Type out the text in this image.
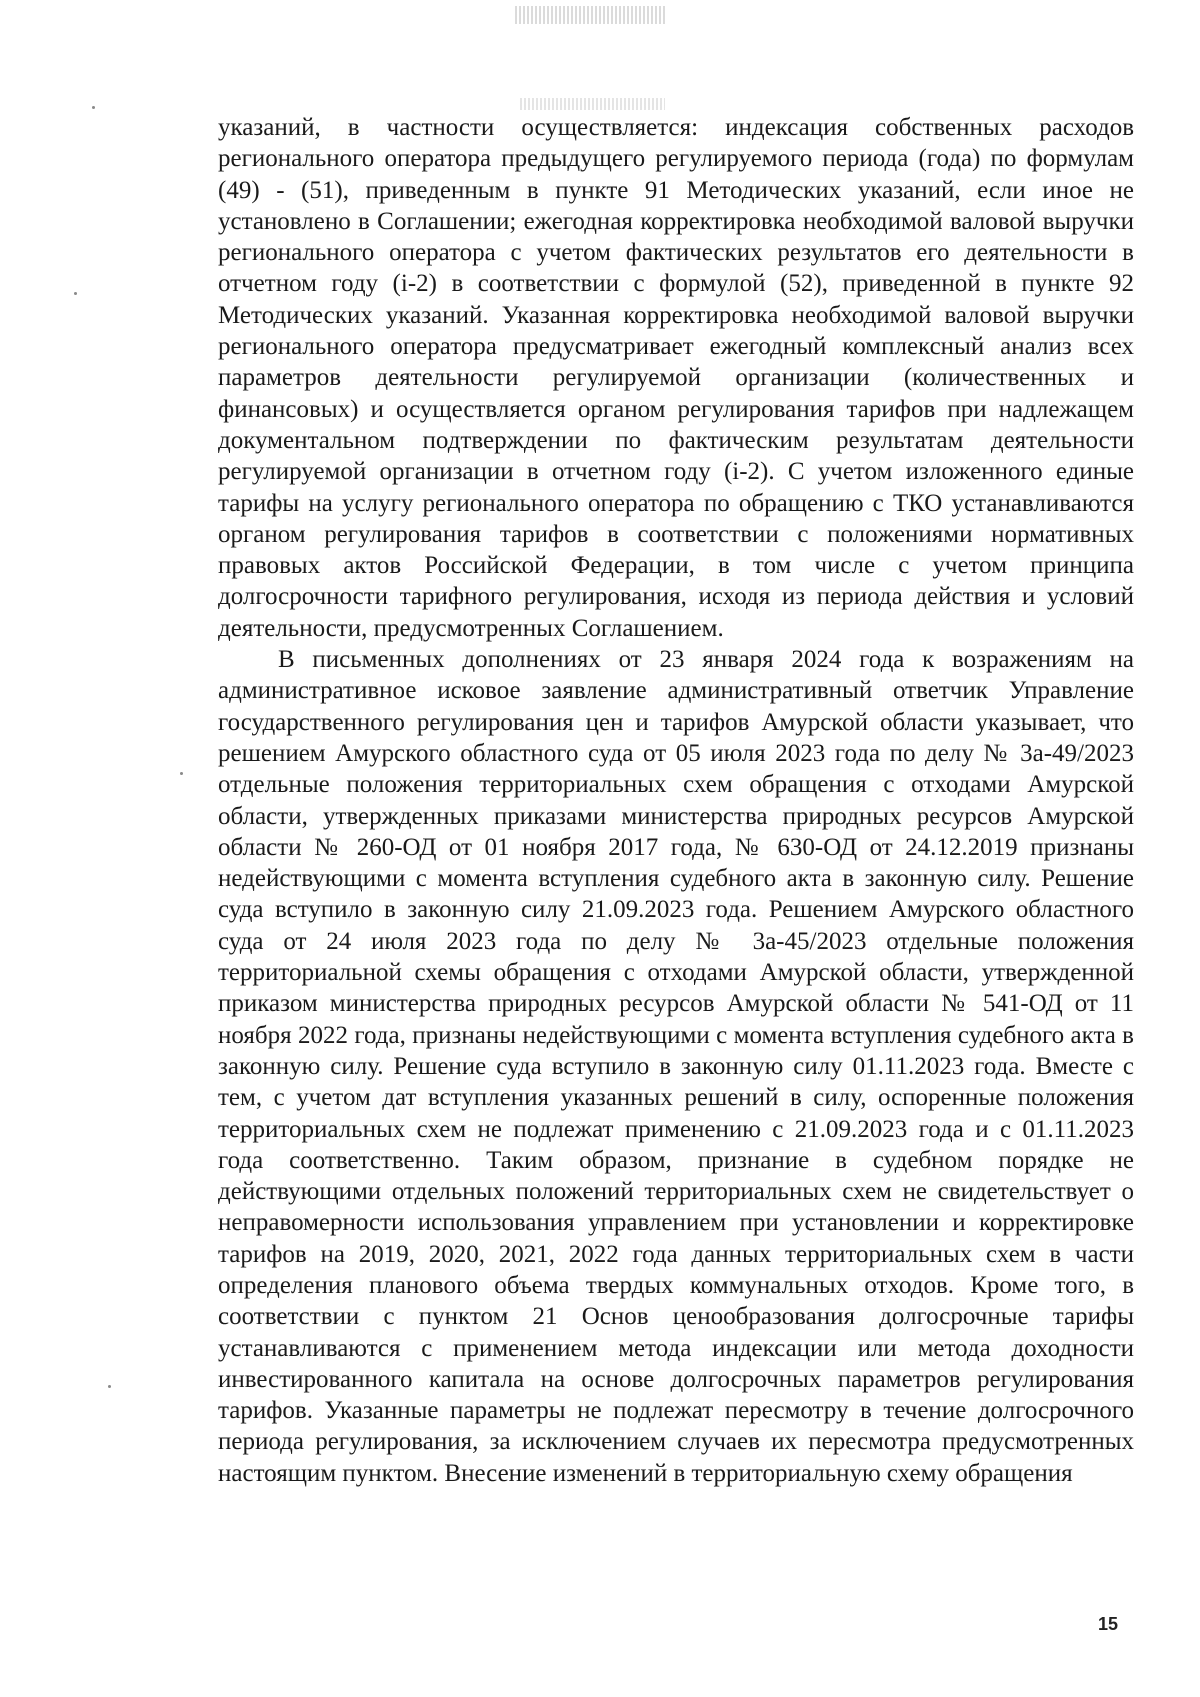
указаний, в частности осуществляется: индексация собственных расходов регионального оператора предыдущего регулируемого периода (года) по формулам (49) - (51), приведенным в пункте 91 Методических указаний, если иное не установлено в Соглашении; ежегодная корректировка необходимой валовой выручки регионального оператора с учетом фактических результатов его деятельности в отчетном году (i-2) в соответствии с формулой (52), приведенной в пункте 92 Методических указаний. Указанная корректировка необходимой валовой выручки регионального оператора предусматривает ежегодный комплексный анализ всех параметров деятельности регулируемой организации (количественных и финансовых) и осуществляется органом регулирования тарифов при надлежащем документальном подтверждении по фактическим результатам деятельности регулируемой организации в отчетном году (i-2). С учетом изложенного единые тарифы на услугу регионального оператора по обращению с ТКО устанавливаются органом регулирования тарифов в соответствии с положениями нормативных правовых актов Российской Федерации, в том числе с учетом принципа долгосрочности тарифного регулирования, исходя из периода действия и условий деятельности, предусмотренных Соглашением.

В письменных дополнениях от 23 января 2024 года к возражениям на административное исковое заявление административный ответчик Управление государственного регулирования цен и тарифов Амурской области указывает, что решением Амурского областного суда от 05 июля 2023 года по делу № 3а-49/2023 отдельные положения территориальных схем обращения с отходами Амурской области, утвержденных приказами министерства природных ресурсов Амурской области № 260-ОД от 01 ноября 2017 года, № 630-ОД от 24.12.2019 признаны недействующими с момента вступления судебного акта в законную силу. Решение суда вступило в законную силу 21.09.2023 года. Решением Амурского областного суда от 24 июля 2023 года по делу № 3а-45/2023 отдельные положения территориальной схемы обращения с отходами Амурской области, утвержденной приказом министерства природных ресурсов Амурской области № 541-ОД от 11 ноября 2022 года, признаны недействующими с момента вступления судебного акта в законную силу. Решение суда вступило в законную силу 01.11.2023 года. Вместе с тем, с учетом дат вступления указанных решений в силу, оспоренные положения территориальных схем не подлежат применению с 21.09.2023 года и с 01.11.2023 года соответственно. Таким образом, признание в судебном порядке не действующими отдельных положений территориальных схем не свидетельствует о неправомерности использования управлением при установлении и корректировке тарифов на 2019, 2020, 2021, 2022 года данных территориальных схем в части определения планового объема твердых коммунальных отходов. Кроме того, в соответствии с пунктом 21 Основ ценообразования долгосрочные тарифы устанавливаются с применением метода индексации или метода доходности инвестированного капитала на основе долгосрочных параметров регулирования тарифов. Указанные параметры не подлежат пересмотру в течение долгосрочного периода регулирования, за исключением случаев их пересмотра предусмотренных настоящим пунктом. Внесение изменений в территориальную схему обращения

15
